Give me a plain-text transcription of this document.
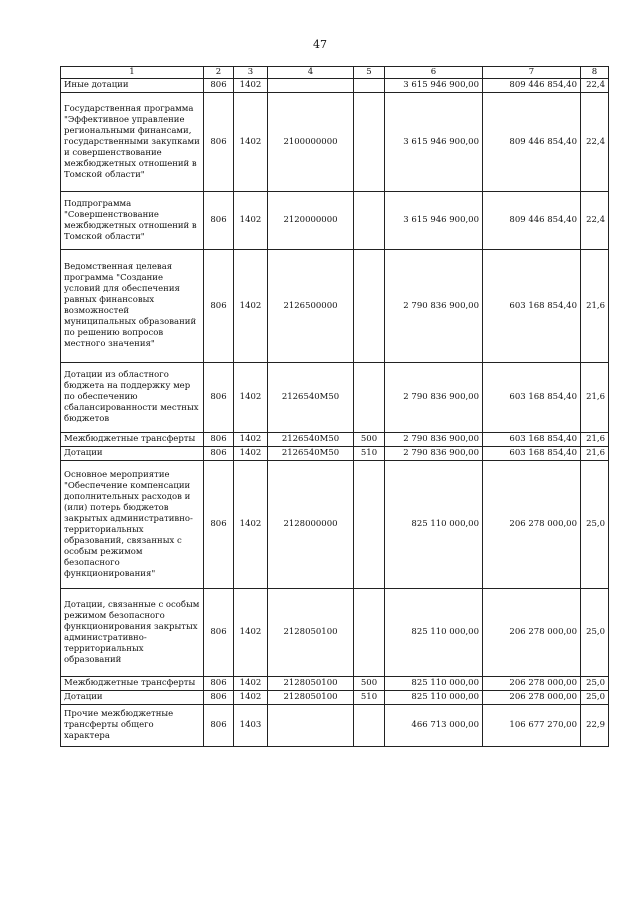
47
1	2	3	4	5	6	7	8
Иные дотации	806	1402			3 615 946 900,00	809 446 854,40	22,4
Государственная программа "Эффективное управление региональными финансами, государственными закупками и совершенствование межбюджетных отношений в Томской области"	806	1402	2100000000		3 615 946 900,00	809 446 854,40	22,4
Подпрограмма "Совершенствование межбюджетных отношений в Томской области"	806	1402	2120000000		3 615 946 900,00	809 446 854,40	22,4
Ведомственная целевая программа "Создание условий для обеспечения равных финансовых возможностей муниципальных образований по решению вопросов местного значения"	806	1402	2126500000		2 790 836 900,00	603 168 854,40	21,6
Дотации из областного бюджета на поддержку мер по обеспечению сбалансированности местных бюджетов	806	1402	2126540M50		2 790 836 900,00	603 168 854,40	21,6
Межбюджетные трансферты	806	1402	2126540M50	500	2 790 836 900,00	603 168 854,40	21,6
Дотации	806	1402	2126540M50	510	2 790 836 900,00	603 168 854,40	21,6
Основное мероприятие "Обеспечение компенсации дополнительных расходов и (или) потерь бюджетов закрытых административно-территориальных образований, связанных с особым режимом безопасного функционирования"	806	1402	2128000000		825 110 000,00	206 278 000,00	25,0
Дотации, связанные с особым режимом безопасного функционирования закрытых административно-территориальных образований	806	1402	2128050100		825 110 000,00	206 278 000,00	25,0
Межбюджетные трансферты	806	1402	2128050100	500	825 110 000,00	206 278 000,00	25,0
Дотации	806	1402	2128050100	510	825 110 000,00	206 278 000,00	25,0
Прочие межбюджетные трансферты общего характера	806	1403			466 713 000,00	106 677 270,00	22,9
